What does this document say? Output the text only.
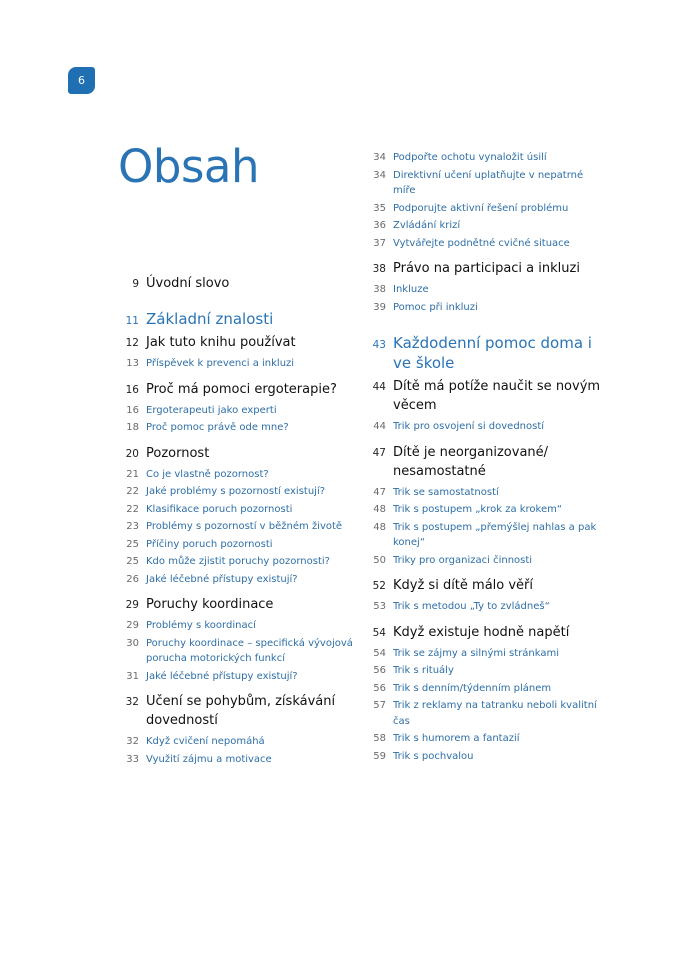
6
Obsah
9 Úvodní slovo
11 Základní znalosti
12 Jak tuto knihu používat
13 Příspěvek k prevenci a inkluzi
16 Proč má pomoci ergoterapie?
16 Ergoterapeuti jako experti
18 Proč pomoc právě ode mne?
20 Pozornost
21 Co je vlastně pozornost?
22 Jaké problémy s pozorností existují?
22 Klasifikace poruch pozornosti
23 Problémy s pozorností v běžném životě
25 Příčiny poruch pozornosti
25 Kdo může zjistit poruchy pozornosti?
26 Jaké léčebné přístupy existují?
29 Poruchy koordinace
29 Problémy s koordinací
30 Poruchy koordinace – specifická vývojová porucha motorických funkcí
31 Jaké léčebné přístupy existují?
32 Učení se pohybům, získávání dovedností
32 Když cvičení nepomáhá
33 Využití zájmu a motivace
34 Podpořte ochotu vynaložit úsilí
34 Direktivní učení uplatňujte v nepatrné míře
35 Podporujte aktivní řešení problému
36 Zvládání krizí
37 Vytvářejte podnětné cvičné situace
38 Právo na participaci a inkluzi
38 Inkluze
39 Pomoc při inkluzi
43 Každodenní pomoc doma i ve škole
44 Dítě má potíže naučit se novým věcem
44 Trik pro osvojení si dovedností
47 Dítě je neorganizované/ nesamostatné
47 Trik se samostatností
48 Trik s postupem „krok za krokem“
48 Trik s postupem „přemýšlej nahlas a pak konej“
50 Triky pro organizaci činnosti
52 Když si dítě málo věří
53 Trik s metodou „Ty to zvládneš“
54 Když existuje hodně napětí
54 Trik se zájmy a silnými stránkami
56 Trik s rituály
56 Trik s denním/týdenním plánem
57 Trik z reklamy na tatranku neboli kvalitní čas
58 Trik s humorem a fantazií
59 Trik s pochvalou
